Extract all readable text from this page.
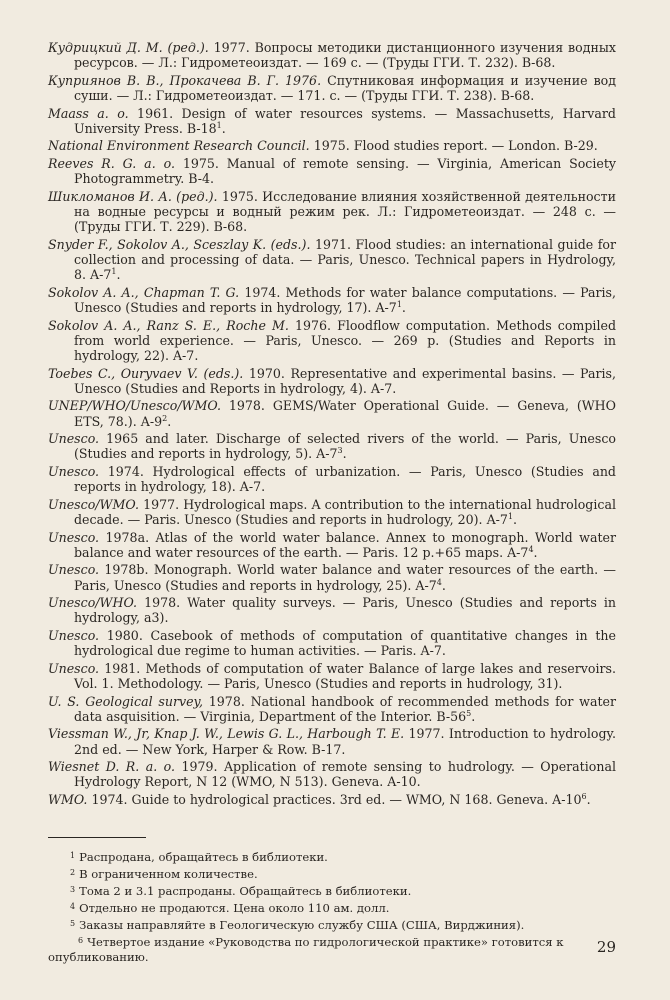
Кудрицкий Д. М. (ред.). 1977. Вопросы методики дистанционного изучения водных ресурсов. — Л.: Гидрометеоиздат. — 169 с. — (Труды ГГИ. Т. 232). В-68.

Куприянов В. В., Прокачева В. Г. 1976. Спутниковая информация и изучение вод суши. — Л.: Гидрометеоиздат. — 171. с. — (Труды ГГИ. Т. 238). В-68.

Maass a. o. 1961. Design of water resources systems. — Massachusetts, Harvard University Press. $B-18^1$.

National Environment Research Council. 1975. Flood studies report. — London. B-29.

Reeves R. G. a. o. 1975. Manual of remote sensing. — Virginia, American Society Photogrammetry. B-4.

Шикломанов И. А. (ред.). 1975. Исследование влияния хозяйственной деятельности на водные ресурсы и водный режим рек. Л.: Гидрометеоиздат. — 248 с. — (Труды ГГИ. Т. 229). В-68.

Snyder F., Sokolov A., Sceszlay K. (eds.). 1971. Flood studies: an international guide for collection and processing of data. — Paris, Unesco. Technical papers in Hydrology, 8. $A-7^1$.

Sokolov A. A., Chapman T. G. 1974. Methods for water balance computations. — Paris, Unesco (Studies and reports in hydrology, 17). $A-7^1$.

Sokolov A. A., Ranz S. E., Roche M. 1976. Floodflow computation. Methods compiled from world experience. — Paris, Unesco. — 269 p. (Studies and Reports in hydrology, 22). A-7.

Toebes C., Ouryvaev V. (eds.). 1970. Representative and experimental basins. — Paris, Unesco (Studies and Reports in hydrology, 4). A-7.

UNEP/WHO/Unesco/WMO. 1978. GEMS/Water Operational Guide. — Geneva, (WHO ETS, 78.). $A-9^2$.

Unesco. 1965 and later. Discharge of selected rivers of the world. — Paris, Unesco (Studies and reports in hydrology, 5). $A-7^3$.

Unesco. 1974. Hydrological effects of urbanization. — Paris, Unesco (Studies and reports in hydrology, 18). A-7.

Unesco/WMO. 1977. Hydrological maps. A contribution to the international hudrological decade. — Paris. Unesco (Studies and reports in hudrology, 20). $A-7^1$.

Unesco. 1978a. Atlas of the world water balance. Annex to monograph. World water balance and water resources of the earth. — Paris. 12 p.+65 maps. $A-7^4$.

Unesco. 1978b. Monograph. World water balance and water resources of the earth. — Paris, Unesco (Studies and reports in hydrology, 25). $A-7^4$.

Unesco/WHO. 1978. Water quality surveys. — Paris, Unesco (Studies and reports in hydrology, a3).

Unesco. 1980. Casebook of methods of computation of quantitative changes in the hydrological due regime to human activities. — Paris. A-7.

Unesco. 1981. Methods of computation of water Balance of large lakes and reservoirs. Vol. 1. Methodology. — Paris, Unesco (Studies and reports in hudrology, 31).

U. S. Geological survey, 1978. National handbook of recommended methods for water data asquisition. — Virginia, Department of the Interior. $B-56^5$.

Viessman W., Jr, Knap J. W., Lewis G. L., Harbough T. E. 1977. Introduction to hydrology. 2nd ed. — New York, Harper & Row. B-17.

Wiesnet D. R. a. o. 1979. Application of remote sensing to hudrology. — Operational Hydrology Report, N 12 (WMO, N 513). Geneva. A-10.

WMO. 1974. Guide to hydrological practices. 3rd ed. — WMO, N 168. Geneva. $A-10^6$.

$^1$ Распродана, обращайтесь в библиотеки.

$^2$ В ограниченном количестве.

$^3$ Тома 2 и 3.1 распроданы. Обращайтесь в библиотеки.

$^4$ Отдельно не продаются. Цена около 110 ам. долл.

$^5$ Заказы направляйте в Геологическую службу США (США, Вирджиния).

$^6$ Четвертое издание «Руководства по гидрологической практике» готовится к опубликованию.

29
